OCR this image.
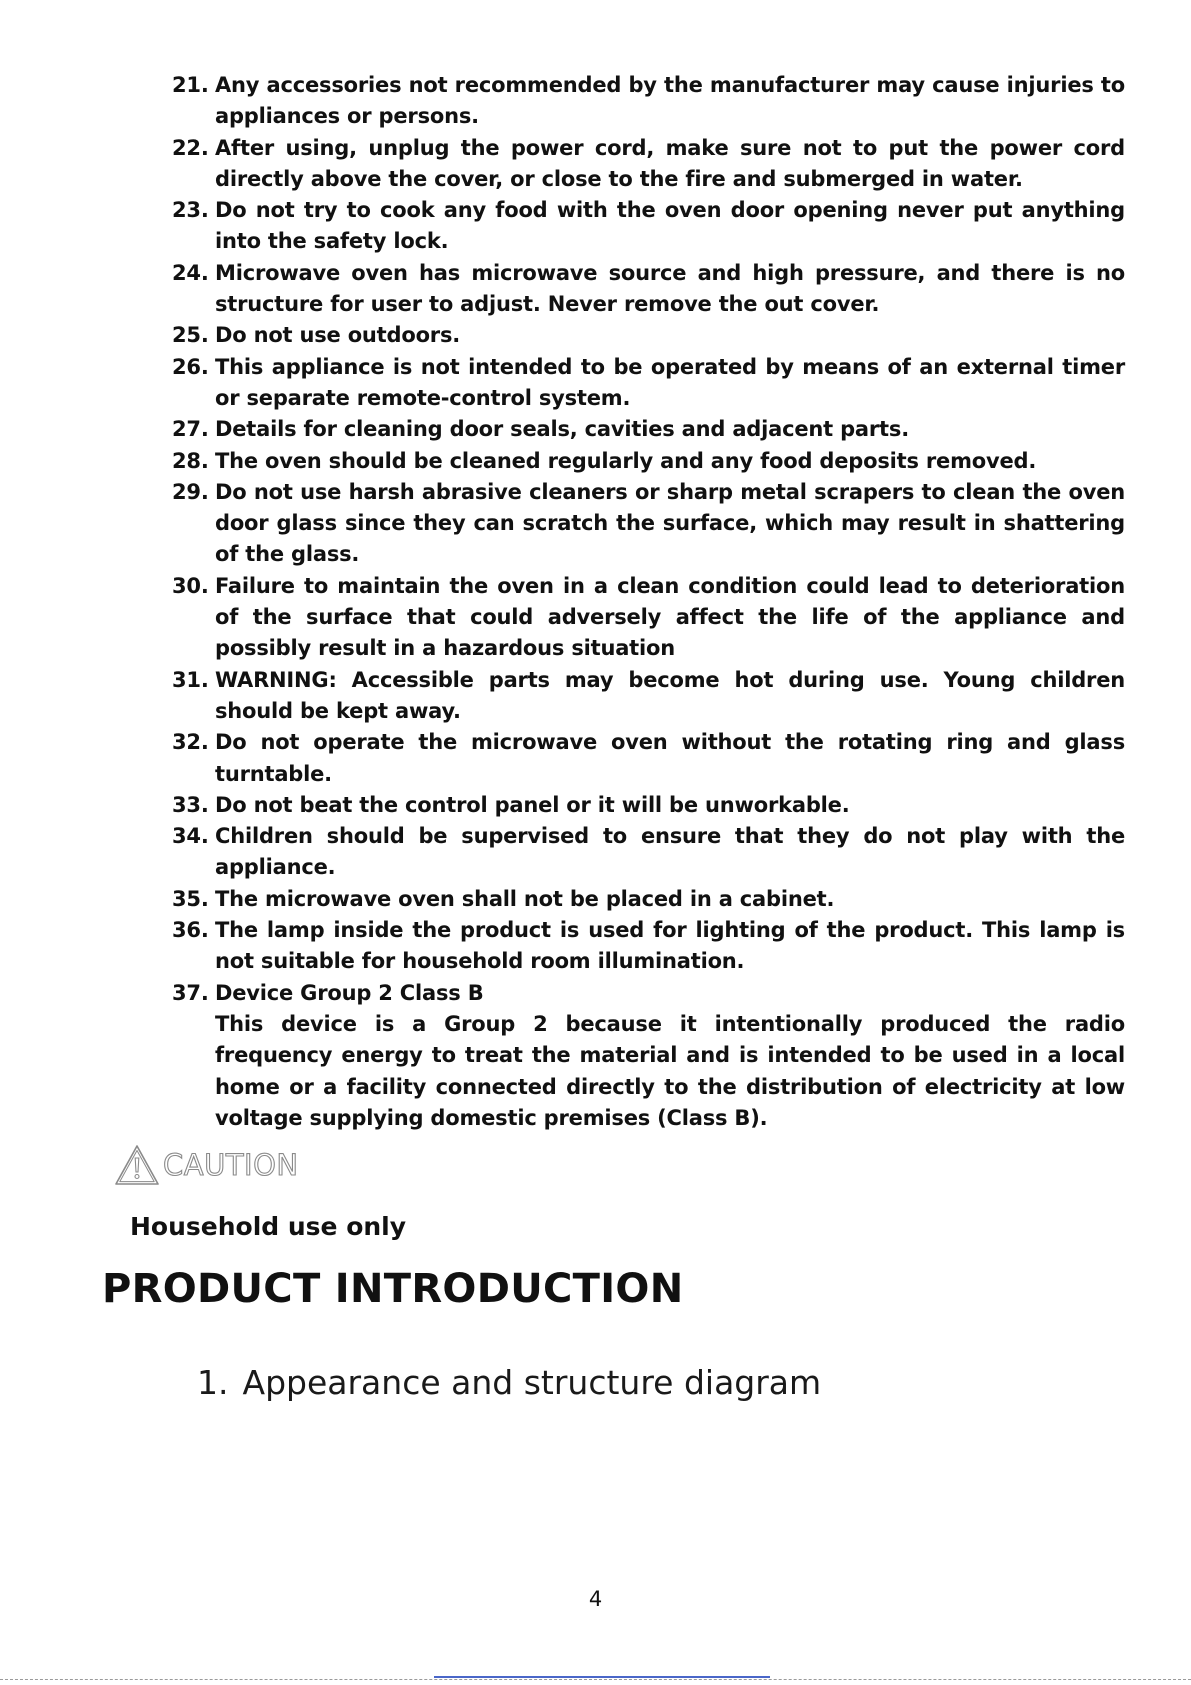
21. Any accessories not recommended by the manufacturer may cause injuries to appliances or persons.
22. After using, unplug the power cord, make sure not to put the power cord directly above the cover, or close to the fire and submerged in water.
23. Do not try to cook any food with the oven door opening never put anything into the safety lock.
24. Microwave oven has microwave source and high pressure, and there is no structure for user to adjust. Never remove the out cover.
25. Do not use outdoors.
26. This appliance is not intended to be operated by means of an external timer or separate remote-control system.
27. Details for cleaning door seals, cavities and adjacent parts.
28. The oven should be cleaned regularly and any food deposits removed.
29. Do not use harsh abrasive cleaners or sharp metal scrapers to clean the oven door glass since they can scratch the surface, which may result in shattering of the glass.
30. Failure to maintain the oven in a clean condition could lead to deterioration of the surface that could adversely affect the life of the appliance and possibly result in a hazardous situation
31. WARNING: Accessible parts may become hot during use. Young children should be kept away.
32. Do not operate the microwave oven without the rotating ring and glass turntable.
33. Do not beat the control panel or it will be unworkable.
34. Children should be supervised to ensure that they do not play with the appliance.
35. The microwave oven shall not be placed in a cabinet.
36. The lamp inside the product is used for lighting of the product. This lamp is not suitable for household room illumination.
37. Device Group 2 Class B
This device is a Group 2 because it intentionally produced the radio frequency energy to treat the material and is intended to be used in a local home or a facility connected directly to the distribution of electricity at low voltage supplying domestic premises (Class B).
CAUTION

Household use only

PRODUCT INTRODUCTION
1. Appearance and structure diagram
4
